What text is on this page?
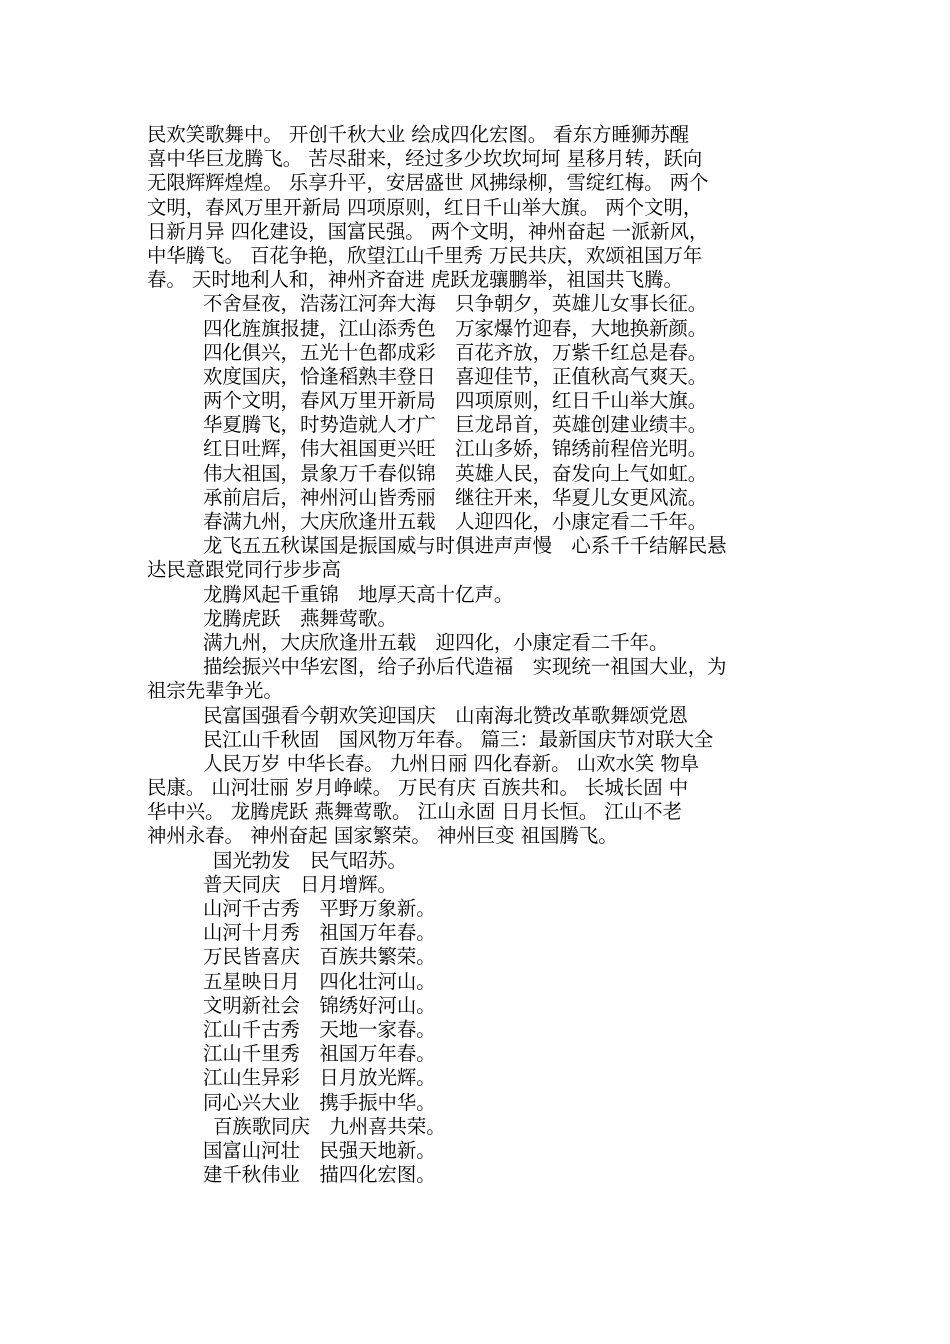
民欢笑歌舞中。 开创千秋大业 绘成四化宏图。 看东方睡狮苏醒
喜中华巨龙腾飞。 苦尽甜来，经过多少坎坎坷坷 星移月转，跃向
无限辉辉煌煌。 乐享升平，安居盛世 风拂绿柳，雪绽红梅。 两个
文明，春风万里开新局 四项原则，红日千山举大旗。 两个文明，
日新月异 四化建设，国富民强。 两个文明，神州奋起 一派新风，
中华腾飞。 百花争艳，欣望江山千里秀 万民共庆，欢颂祖国万年
春。 天时地利人和，神州齐奋进 虎跃龙骧鹏举，祖国共飞腾。
不舍昼夜，浩荡江河奔大海　只争朝夕，英雄儿女事长征。
四化旌旗报捷，江山添秀色　万家爆竹迎春，大地换新颜。
四化俱兴，五光十色都成彩　百花齐放，万紫千红总是春。
欢度国庆，恰逢稻熟丰登日　喜迎佳节，正值秋高气爽天。
两个文明，春风万里开新局　四项原则，红日千山举大旗。
华夏腾飞，时势造就人才广　巨龙昂首，英雄创建业绩丰。
红日吐辉，伟大祖国更兴旺　江山多娇，锦绣前程倍光明。
伟大祖国，景象万千春似锦　英雄人民，奋发向上气如虹。
承前启后，神州河山皆秀丽　继往开来，华夏儿女更风流。
春满九州，大庆欣逢卅五载　人迎四化，小康定看二千年。
龙飞五五秋谋国是振国威与时俱进声声慢　心系千千结解民悬
达民意跟党同行步步高
龙腾风起千重锦　地厚天高十亿声。
龙腾虎跃　燕舞莺歌。
满九州，大庆欣逢卅五载　迎四化，小康定看二千年。
描绘振兴中华宏图，给子孙后代造福　实现统一祖国大业，为
祖宗先辈争光。
民富国强看今朝欢笑迎国庆　山南海北赞改革歌舞颂党恩
民江山千秋固　国风物万年春。 篇三：最新国庆节对联大全
人民万岁 中华长春。 九州日丽 四化春新。 山欢水笑 物阜
民康。 山河壮丽 岁月峥嵘。 万民有庆 百族共和。 长城长固 中
华中兴。 龙腾虎跃 燕舞莺歌。 江山永固 日月长恒。 江山不老
神州永春。 神州奋起 国家繁荣。 神州巨变 祖国腾飞。
国光勃发　民气昭苏。
普天同庆　日月增辉。
山河千古秀　平野万象新。
山河十月秀　祖国万年春。
万民皆喜庆　百族共繁荣。
五星映日月　四化壮河山。
文明新社会　锦绣好河山。
江山千古秀　天地一家春。
江山千里秀　祖国万年春。
江山生异彩　日月放光辉。
同心兴大业　携手振中华。
百族歌同庆　九州喜共荣。
国富山河壮　民强天地新。
建千秋伟业　描四化宏图。
